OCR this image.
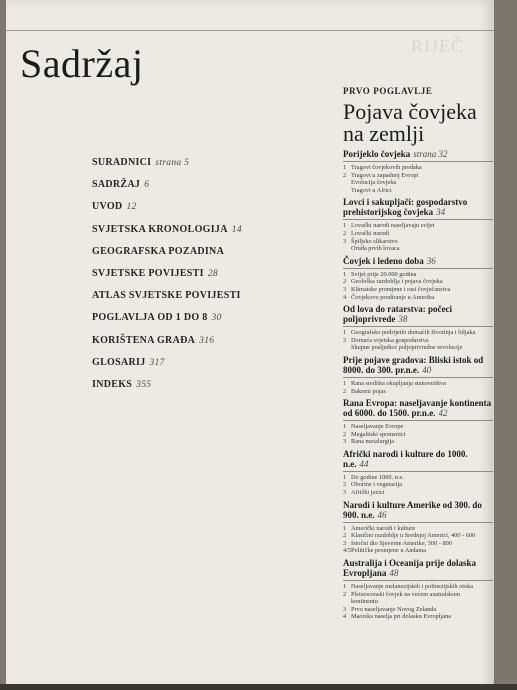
RIJEČ
Sadržaj
SURADNICI strana 5
SADRŽAJ 6
UVOD 12
SVJETSKA KRONOLOGIJA 14
GEOGRAFSKA POZADINA
SVJETSKE POVIJESTI 28
ATLAS SVJETSKE POVIJESTI
POGLAVLJA OD 1 DO 8 30
KORIŠTENA GRAĐA 316
GLOSARIJ 317
INDEKS 355
PRVO POGLAVLJE
Pojava čovjeka
na zemlji
Porijeklo čovjeka strana 32
1 Tragovi čovjekovih predaka
2 Tragovi u zapadnoj Evropi
Evolucija čovjeka
Tragovi u Africi
Lovci i sakupljači: gospodarstvo prehistorijskog čovjeka 34
1 Lovački narodi naseljavaju svijet
2 Lovački narodi
3 Špiljsko slikarstvo
Oruđa prvih lovaca
Čovjek i ledeno doba 36
1 Svijet prije 20.000 godina
2 Geološka razdoblja i pojava čovjeka
3 Klimatske promjene i rast čovječanstva
4 Čovjekovo prodiranje u Ameriku
Od lova do ratarstva: počeci poljoprivrede 38
1 Geografsko podrijetlo domaćih životinja i biljaka
2 Domaća svjetska gospodarstva
Skupne posljedice poljoprivredne revolucije
Prije pojave gradova: Bliski istok od 8000. do 300. pr.n.e. 40
1 Rana središta okupljanja stanovništva
2 Bakreni pojas
Rana Evropa: naseljavanje kontinenta od 6000. do 1500. pr.n.e. 42
1 Naseljavanje Evrope
2 Megalitski spomenici
3 Rana metalurgija
Afrički narodi i kulture do 1000. n.e. 44
1 Do godine 1000. n.e.
2 Oborine i vegetacija
3 Afrički jezici
Narodi i kulture Amerike od 300. do 900. n.e. 46
1 Američki narodi i kulture
2 Klasično razdoblje u Srednjoj Americi, 400 - 600
3 Istočni dio Sjeverne Amerike, 500 - 800
4/5Političke promjene u Andama
Australija i Oceanija prije dolaska Evropljana 48
1 Naseljavanje melanezijskih i polinezijskih otoka
2 Pleistocenski čovjek na većem australskom
kontinentu
3 Prvo naseljavanje Novog Zelanda
4 Maorska naselja pri dolasku Evropljana
